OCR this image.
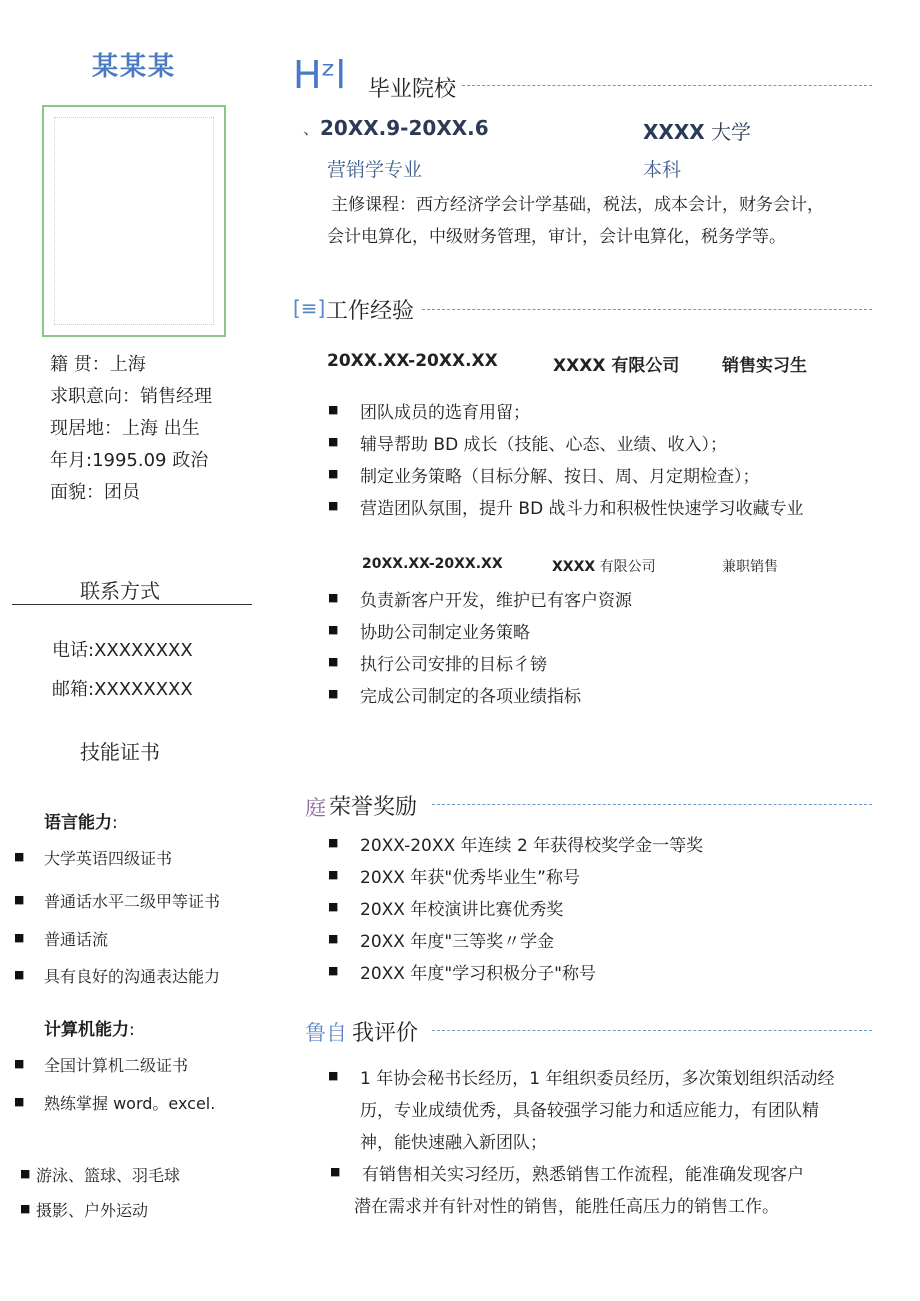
某某某
籍 贯：上海
求职意向：销售经理
现居地：上海 出生
年月:1995.09 政治
面貌：团员
联系方式
电话:XXXXXXXX
邮箱:XXXXXXXX
技能证书
语言能力:
■ 大学英语四级证书
■ 普通话水平二级甲等证书
■ 普通话流
■ 具有良好的沟通表达能力
计算机能力:
■ 全国计算机二级证书
■ 熟练掌握 word。excel.
■ 游泳、篮球、羽毛球
■ 摄影、户外运动
Hᶻl 毕业院校
、 20XX.9-20XX.6	XXXX 大学
营销学专业	本科
主修课程：西方经济学会计学基础，税法，成本会计，财务会计，
会计电算化，中级财务管理，审计，会计电算化，税务学等。
[≡] 工作经验
20XX.XX-20XX.XX	XXXX 有限公司	销售实习生
■ 团队成员的选育用留；
■ 辅导帮助 BD 成长（技能、心态、业绩、收入）；
■ 制定业务策略（目标分解、按日、周、月定期检查）；
■ 营造团队氛围，提升 BD 战斗力和积极性快速学习收藏专业
20XX.XX-20XX.XX	XXXX 有限公司	兼职销售
■ 负责新客户开发，维护已有客户资源
■ 协助公司制定业务策略
■ 执行公司安排的目标彳镑
■ 完成公司制定的各项业绩指标
庭 荣誉奖励
■ 20XX-20XX 年连续 2 年获得校奖学金一等奖
■ 20XX 年获"优秀毕业生”称号
■ 20XX 年校演讲比赛优秀奖
■ 20XX 年度"三等奖〃学金
■ 20XX 年度"学习积极分子"称号
鲁自 我评价
■ 1 年协会秘书长经历，1 年组织委员经历，多次策划组织活动经
历，专业成绩优秀，具备较强学习能力和适应能力，有团队精
神，能快速融入新团队；
■ 有销售相关实习经历，熟悉销售工作流程，能准确发现客户
潜在需求并有针对性的销售，能胜任高压力的销售工作。
